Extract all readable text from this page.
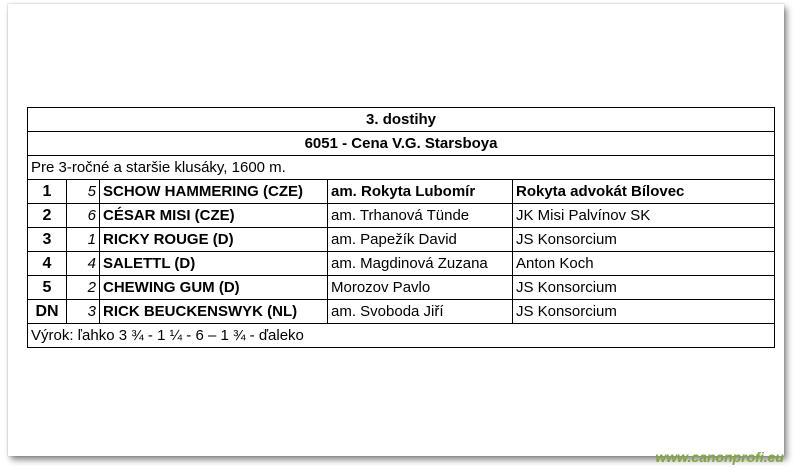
3. dostihy				
6051 - Cena V.G. Starsboya				
Pre 3-ročné a staršie klusáky, 1600 m.				
1	5	SCHOW HAMMERING (CZE)	am. Rokyta Lubomír	Rokyta advokát Bílovec
2	6	CÉSAR MISI (CZE)	am. Trhanová Tünde	JK Misi Palvínov SK
3	1	RICKY ROUGE (D)	am. Papežík David	JS Konsorcium
4	4	SALETTL (D)	am. Magdinová Zuzana	Anton Koch
5	2	CHEWING GUM (D)	Morozov Pavlo	JS Konsorcium
DN	3	RICK BEUCKENSWYK (NL)	am. Svoboda Jiří	JS Konsorcium
Výrok: ľahko 3 ¾ - 1 ¼ - 6 – 1 ¾ - ďaleko				
www.canonprofi.eu
